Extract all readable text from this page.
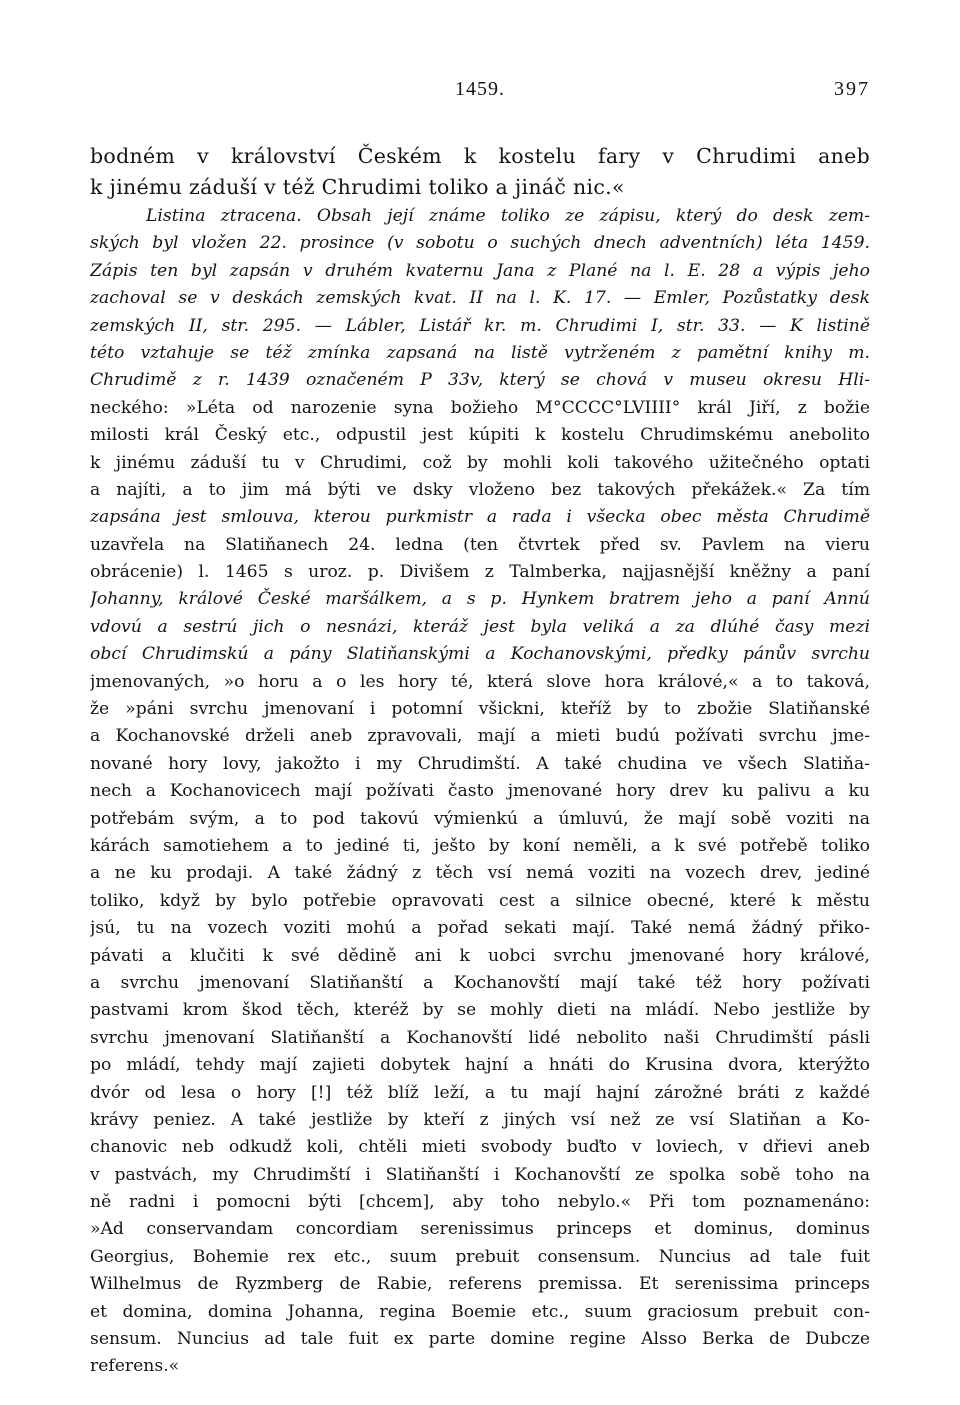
1459.	397
bodném v království Českém k kostelu fary v Chrudimi aneb
k jinému záduší v též Chrudimi toliko a jináč nic.«
Listina ztracena. Obsah její známe toliko ze zápisu, který do desk zem-
ských byl vložen 22. prosince (v sobotu o suchých dnech adventních) léta 1459.
Zápis ten byl zapsán v druhém kvaternu Jana z Plané na l. E. 28 a výpis jeho
zachoval se v deskách zemských kvat. II na l. K. 17. — Emler, Pozůstatky desk
zemských II, str. 295. — Lábler, Listář kr. m. Chrudimi I, str. 33. — K listině
této vztahuje se též zmínka zapsaná na listě vytrženém z pamětní knihy m.
Chrudimě z r. 1439 označeném P 33v, který se chová v museu okresu Hli-
neckého: »Léta od narozenie syna božieho M°CCCC°LVIIII° král Jiří, z božie
milosti král Český etc., odpustil jest kúpiti k kostelu Chrudimskému anebolito
k jinému záduší tu v Chrudimi, což by mohli koli takového užitečného optati
a najíti, a to jim má býti ve dsky vloženo bez takových překážek.« Za tím
zapsána jest smlouva, kterou purkmistr a rada i všecka obec města Chrudimě
uzavřela na Slatiňanech 24. ledna (ten čtvrtek před sv. Pavlem na vieru
obrácenie) l. 1465 s uroz. p. Divišem z Talmberka, najjasnější kněžny a paní
Johanny, králové České maršálkem, a s p. Hynkem bratrem jeho a paní Annú
vdovú a sestrú jich o nesnázi, kteráž jest byla veliká a za dlúhé časy mezi
obcí Chrudimskú a pány Slatiňanskými a Kochanovskými, předky pánův svrchu
jmenovaných, »o horu a o les hory té, která slove hora králové,« a to taková,
že »páni svrchu jmenovaní i potomní všickni, kteříž by to zbožie Slatiňanské
a Kochanovské drželi aneb zpravovali, mají a mieti budú požívati svrchu jme-
nované hory lovy, jakožto i my Chrudimští. A také chudina ve všech Slatiňa-
nech a Kochanovicech mají požívati často jmenované hory drev ku palivu a ku
potřebám svým, a to pod takovú výmienkú a úmluvú, že mají sobě voziti na
kárách samotiehem a to jediné ti, ješto by koní neměli, a k své potřebě toliko
a ne ku prodaji. A také žádný z těch vsí nemá voziti na vozech drev, jediné
toliko, když by bylo potřebie opravovati cest a silnice obecné, které k městu
jsú, tu na vozech voziti mohú a pořad sekati mají. Také nemá žádný přiko-
pávati a klučiti k své dědině ani k uobci svrchu jmenované hory králové,
a svrchu jmenovaní Slatiňanští a Kochanovští mají také též hory požívati
pastvami krom škod těch, kteréž by se mohly dieti na mládí. Nebo jestliže by
svrchu jmenovaní Slatiňanští a Kochanovští lidé nebolito naši Chrudimští pásli
po mládí, tehdy mají zajieti dobytek hajní a hnáti do Krusina dvora, kterýžto
dvór od lesa o hory [!] též blíž leží, a tu mají hajní zárožné bráti z každé
krávy peniez. A také jestliže by kteří z jiných vsí než ze vsí Slatiňan a Ko-
chanovic neb odkudž koli, chtěli mieti svobody buďto v loviech, v dřievi aneb
v pastvách, my Chrudimští i Slatiňanští i Kochanovští ze spolka sobě toho na
ně radni i pomocni býti [chcem], aby toho nebylo.« Při tom poznamenáno:
»Ad conservandam concordiam serenissimus princeps et dominus, dominus
Georgius, Bohemie rex etc., suum prebuit consensum. Nuncius ad tale fuit
Wilhelmus de Ryzmberg de Rabie, referens premissa. Et serenissima princeps
et domina, domina Johanna, regina Boemie etc., suum graciosum prebuit con-
sensum. Nuncius ad tale fuit ex parte domine regine Alsso Berka de Dubcze
referens.«
